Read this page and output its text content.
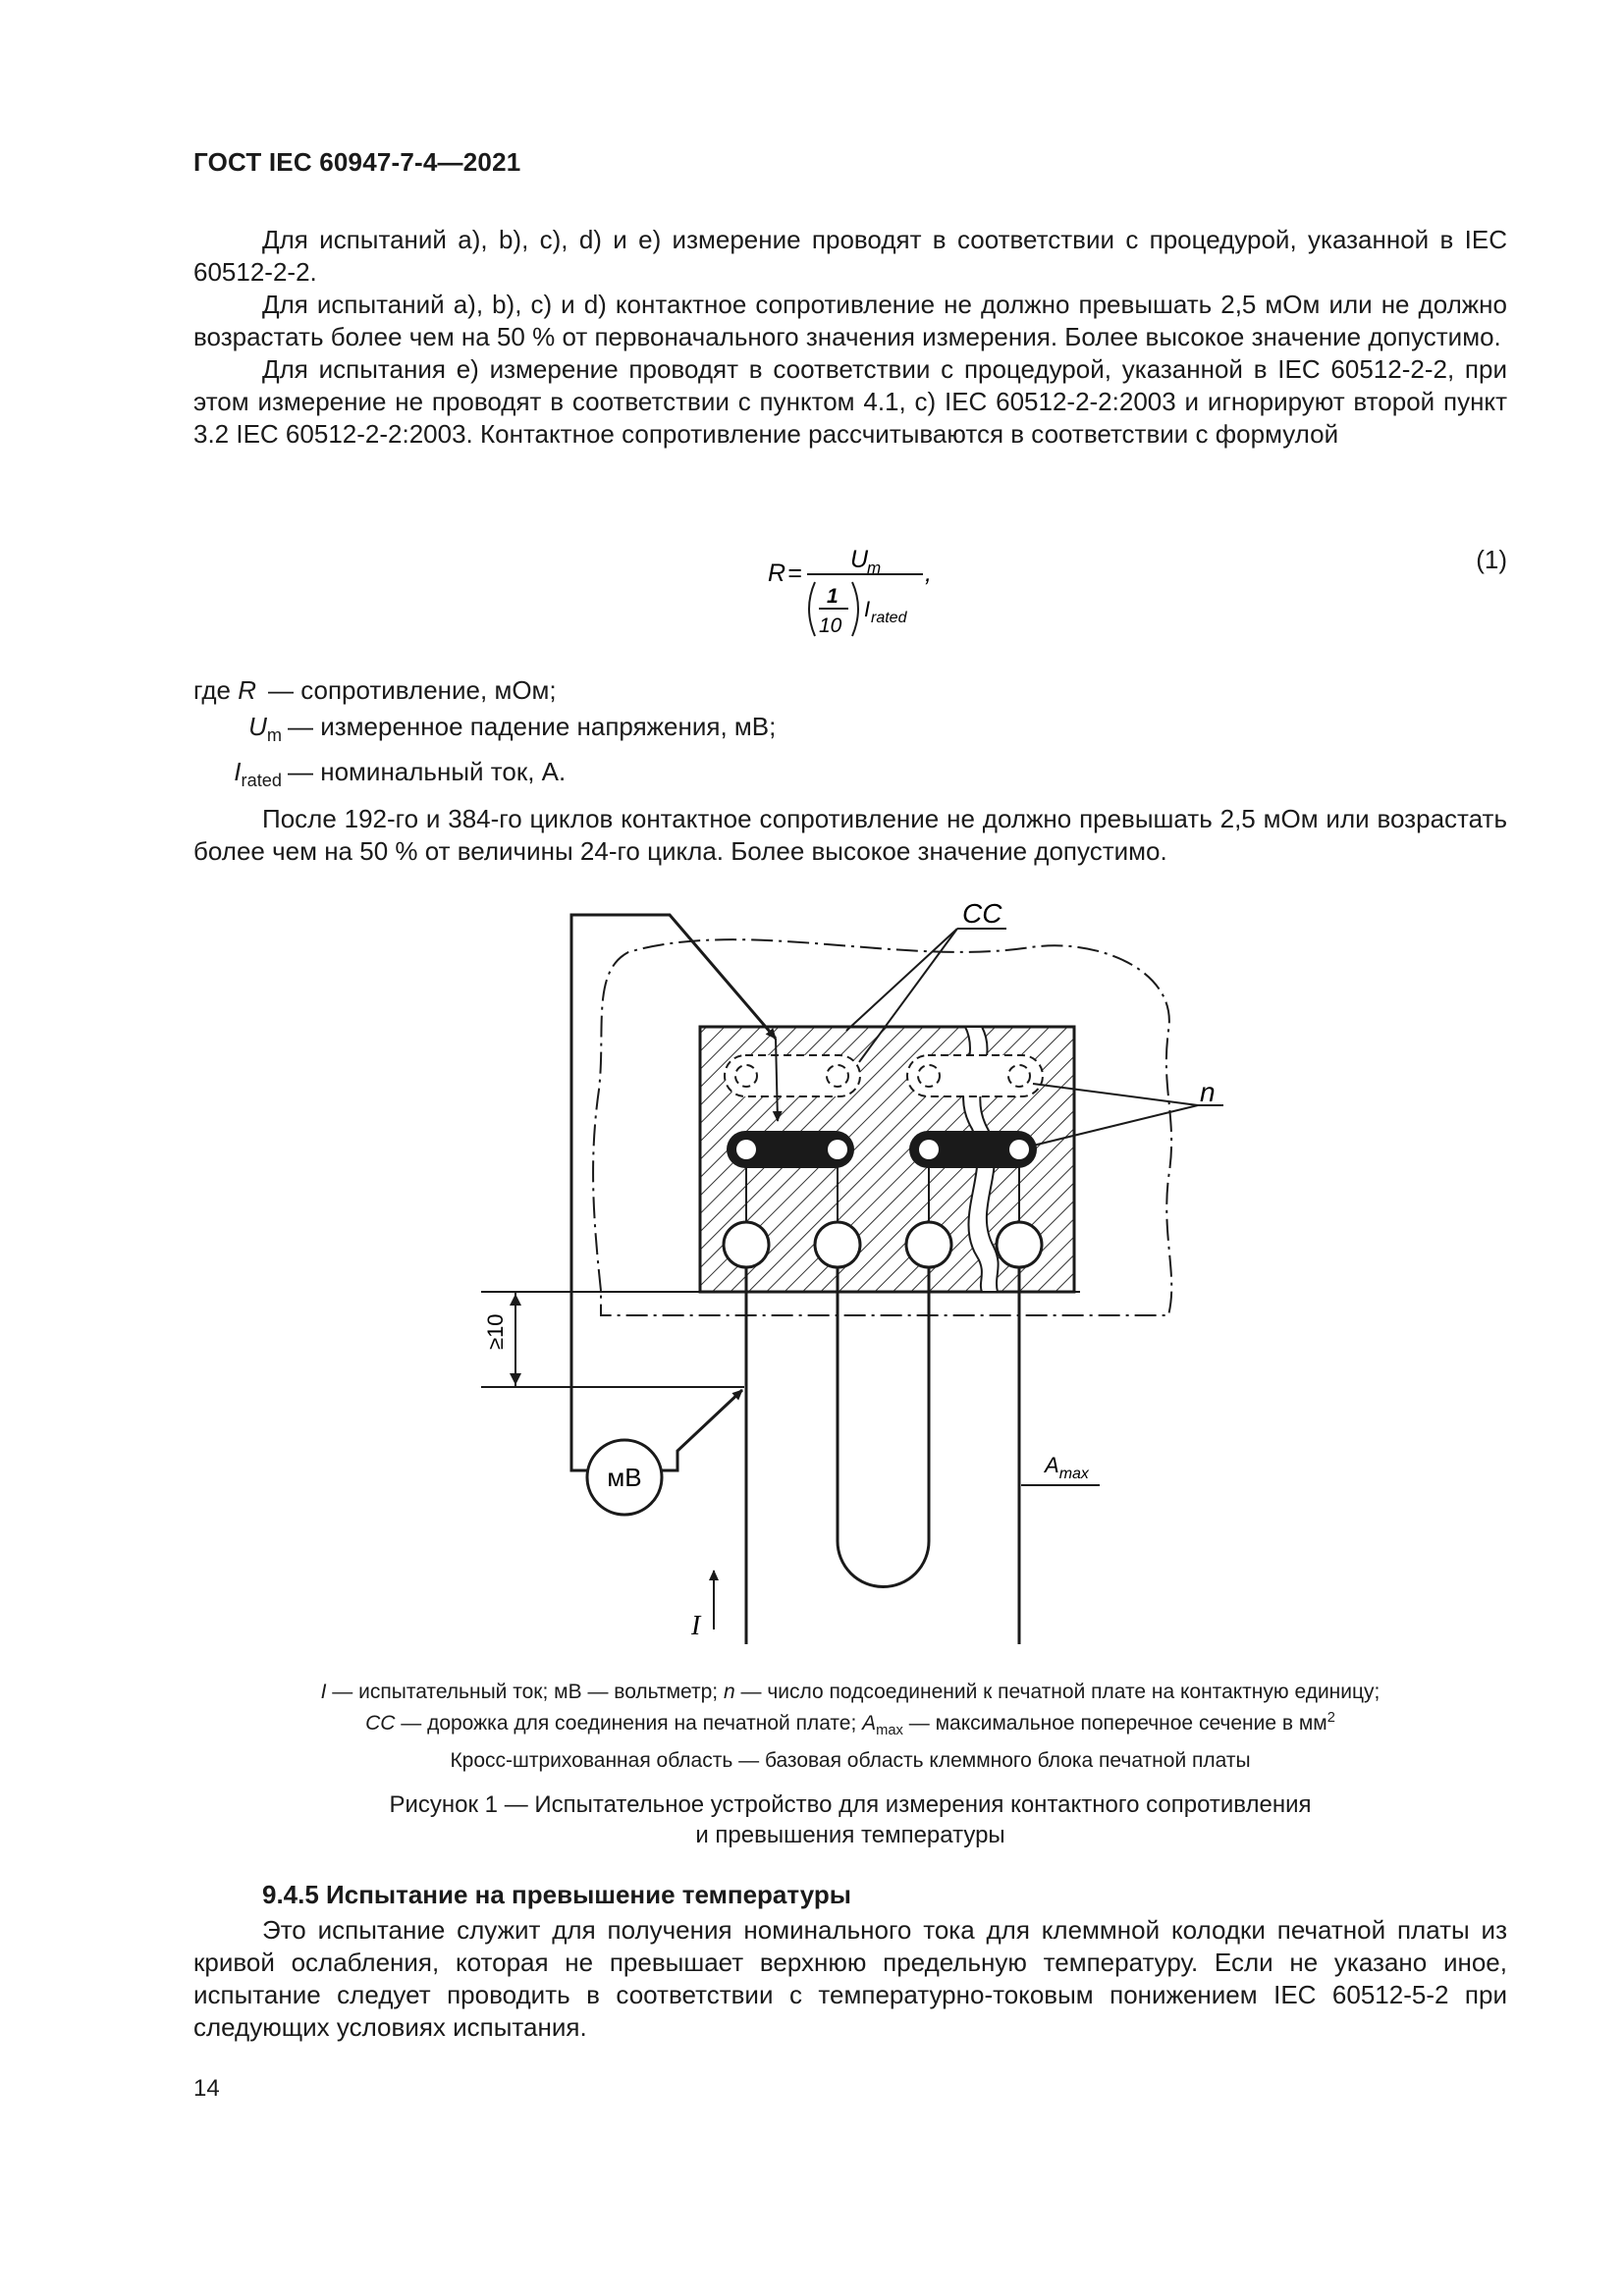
ГОСТ IEC 60947-7-4—2021

Для испытаний a), b), c), d) и e) измерение проводят в соответствии с процедурой, указанной в IEC 60512-2-2.

Для испытаний a), b), c) и d) контактное сопротивление не должно превышать 2,5 мОм или не должно возрастать более чем на 50 % от первоначального значения измерения. Более высокое значение допустимо.

Для испытания e) измерение проводят в соответствии с процедурой, указанной в IEC 60512-2-2, при этом измерение не проводят в соответствии с пунктом 4.1, c) IEC 60512-2-2:2003 и игнорируют второй пункт 3.2 IEC 60512-2-2:2003. Контактное сопротивление рассчитываются в соответствии с формулой

R = U
m
1
10
I rated
,	(1)
где R — сопротивление, мОм;
$U_m$ — измеренное падение напряжения, мВ;
$I_{rated}$ — номинальный ток, А.

После 192-го и 384-го циклов контактное сопротивление не должно превышать 2,5 мОм или возрастать более чем на 50 % от величины 24-го цикла. Более высокое значение допустимо.

мВ
≥10
CC
n
$A_{max}$
I
I — испытательный ток; мВ — вольтметр; n — число подсоединений к печатной плате на контактную единицу;
CC — дорожка для соединения на печатной плате; $A_{max}$ — максимальное поперечное сечение в $мм^2$
Кросс-штрихованная область — базовая область клеммного блока печатной платы
Рисунок 1 — Испытательное устройство для измерения контактного сопротивления
и превышения температуры
9.4.5 Испытание на превышение температуры

Это испытание служит для получения номинального тока для клеммной колодки печатной платы из кривой ослабления, которая не превышает верхнюю предельную температуру. Если не указано иное, испытание следует проводить в соответствии с температурно-токовым понижением IEC 60512-5-2 при следующих условиях испытания.

14
